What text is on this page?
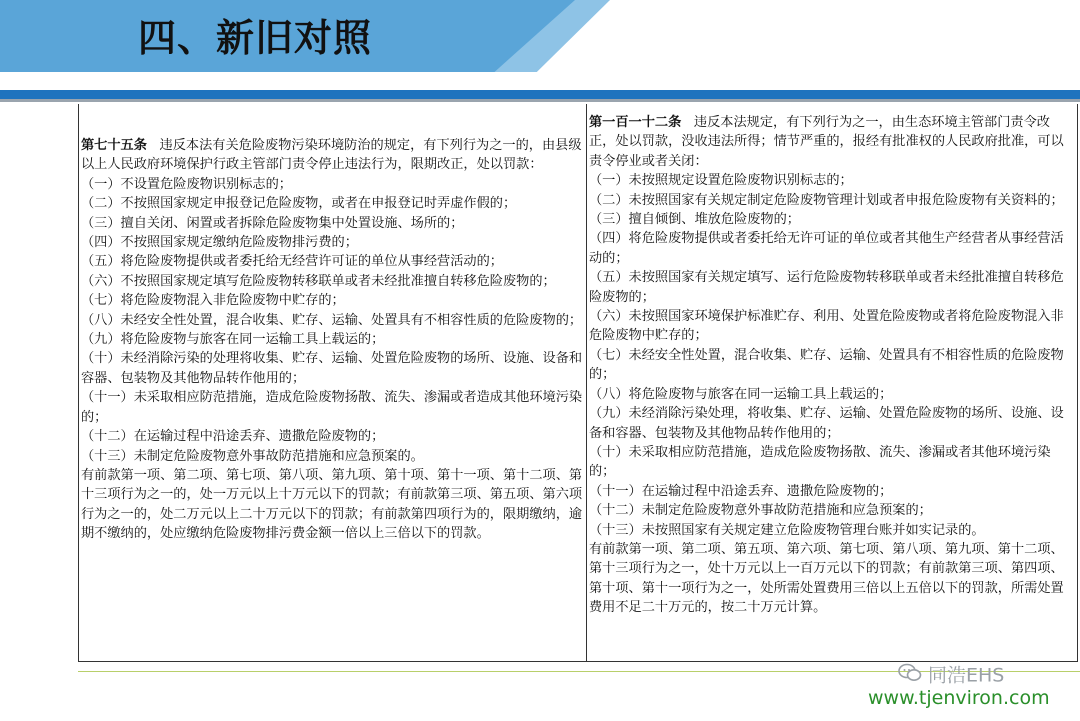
四、新旧对照

第七十五条 违反本法有关危险废物污染环境防治的规定，有下列行为之一的，由县级以上人民政府环境保护行政主管部门责令停止违法行为，限期改正，处以罚款：

（一）不设置危险废物识别标志的；

（二）不按照国家规定申报登记危险废物，或者在申报登记时弄虚作假的；

（三）擅自关闭、闲置或者拆除危险废物集中处置设施、场所的；

（四）不按照国家规定缴纳危险废物排污费的；

（五）将危险废物提供或者委托给无经营许可证的单位从事经营活动的；

（六）不按照国家规定填写危险废物转移联单或者未经批准擅自转移危险废物的；

（七）将危险废物混入非危险废物中贮存的；

（八）未经安全性处置，混合收集、贮存、运输、处置具有不相容性质的危险废物的；

（九）将危险废物与旅客在同一运输工具上载运的；

（十）未经消除污染的处理将收集、贮存、运输、处置危险废物的场所、设施、设备和容器、包装物及其他物品转作他用的；

（十一）未采取相应防范措施，造成危险废物扬散、流失、渗漏或者造成其他环境污染的；

（十二）在运输过程中沿途丢弃、遗撒危险废物的；

（十三）未制定危险废物意外事故防范措施和应急预案的。

有前款第一项、第二项、第七项、第八项、第九项、第十项、第十一项、第十二项、第十三项行为之一的，处一万元以上十万元以下的罚款；有前款第三项、第五项、第六项行为之一的，处二万元以上二十万元以下的罚款；有前款第四项行为的，限期缴纳，逾期不缴纳的，处应缴纳危险废物排污费金额一倍以上三倍以下的罚款。

第一百一十二条 违反本法规定，有下列行为之一，由生态环境主管部门责令改正，处以罚款，没收违法所得；情节严重的，报经有批准权的人民政府批准，可以责令停业或者关闭：

（一）未按照规定设置危险废物识别标志的；

（二）未按照国家有关规定制定危险废物管理计划或者申报危险废物有关资料的；

（三）擅自倾倒、堆放危险废物的；

（四）将危险废物提供或者委托给无许可证的单位或者其他生产经营者从事经营活动的；

（五）未按照国家有关规定填写、运行危险废物转移联单或者未经批准擅自转移危险废物的；

（六）未按照国家环境保护标准贮存、利用、处置危险废物或者将危险废物混入非危险废物中贮存的；

（七）未经安全性处置，混合收集、贮存、运输、处置具有不相容性质的危险废物的；

（八）将危险废物与旅客在同一运输工具上载运的；

（九）未经消除污染处理，将收集、贮存、运输、处置危险废物的场所、设施、设备和容器、包装物及其他物品转作他用的；

（十）未采取相应防范措施，造成危险废物扬散、流失、渗漏或者其他环境污染的；

（十一）在运输过程中沿途丢弃、遗撒危险废物的；

（十二）未制定危险废物意外事故防范措施和应急预案的；

（十三）未按照国家有关规定建立危险废物管理台账并如实记录的。

有前款第一项、第二项、第五项、第六项、第七项、第八项、第九项、第十二项、第十三项行为之一，处十万元以上一百万元以下的罚款；有前款第三项、第四项、第十项、第十一项行为之一，处所需处置费用三倍以上五倍以下的罚款，所需处置费用不足二十万元的，按二十万元计算。

同浩EHS
www.tjenviron.com
